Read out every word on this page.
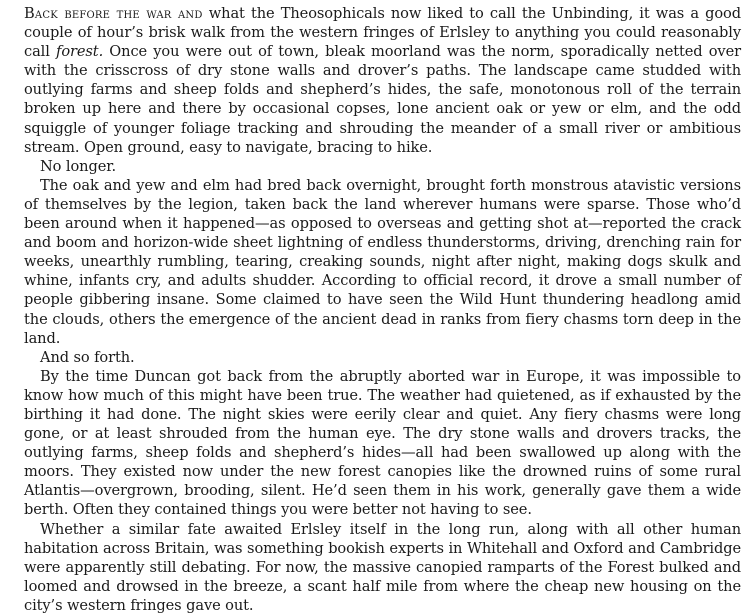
Back before the war and what the Theosophicals now liked to call the Unbinding, it was a good couple of hour’s brisk walk from the western fringes of Erlsley to anything you could reasonably call forest. Once you were out of town, bleak moorland was the norm, sporadically netted over with the crisscross of dry stone walls and drover’s paths. The landscape came studded with outlying farms and sheep folds and shepherd’s hides, the safe, monotonous roll of the terrain broken up here and there by occasional copses, lone ancient oak or yew or elm, and the odd squiggle of younger foliage tracking and shrouding the meander of a small river or ambitious stream. Open ground, easy to navigate, bracing to hike.

No longer.

The oak and yew and elm had bred back overnight, brought forth monstrous atavistic versions of themselves by the legion, taken back the land wherever humans were sparse. Those who’d been around when it happened—as opposed to overseas and getting shot at—reported the crack and boom and horizon-wide sheet lightning of endless thunderstorms, driving, drenching rain for weeks, unearthly rumbling, tearing, creaking sounds, night after night, making dogs skulk and whine, infants cry, and adults shudder. According to official record, it drove a small number of people gibbering insane. Some claimed to have seen the Wild Hunt thundering headlong amid the clouds, others the emergence of the ancient dead in ranks from fiery chasms torn deep in the land.

And so forth.

By the time Duncan got back from the abruptly aborted war in Europe, it was impossible to know how much of this might have been true. The weather had quietened, as if exhausted by the birthing it had done. The night skies were eerily clear and quiet. Any fiery chasms were long gone, or at least shrouded from the human eye. The dry stone walls and drovers tracks, the outlying farms, sheep folds and shepherd’s hides—all had been swallowed up along with the moors. They existed now under the new forest canopies like the drowned ruins of some rural Atlantis—overgrown, brooding, silent. He’d seen them in his work, generally gave them a wide berth. Often they contained things you were better not having to see.

Whether a similar fate awaited Erlsley itself in the long run, along with all other human habitation across Britain, was something bookish experts in Whitehall and Oxford and Cambridge were apparently still debating. For now, the massive canopied ramparts of the Forest bulked and loomed and drowsed in the breeze, a scant half mile from where the cheap new housing on the city’s western fringes gave out.
